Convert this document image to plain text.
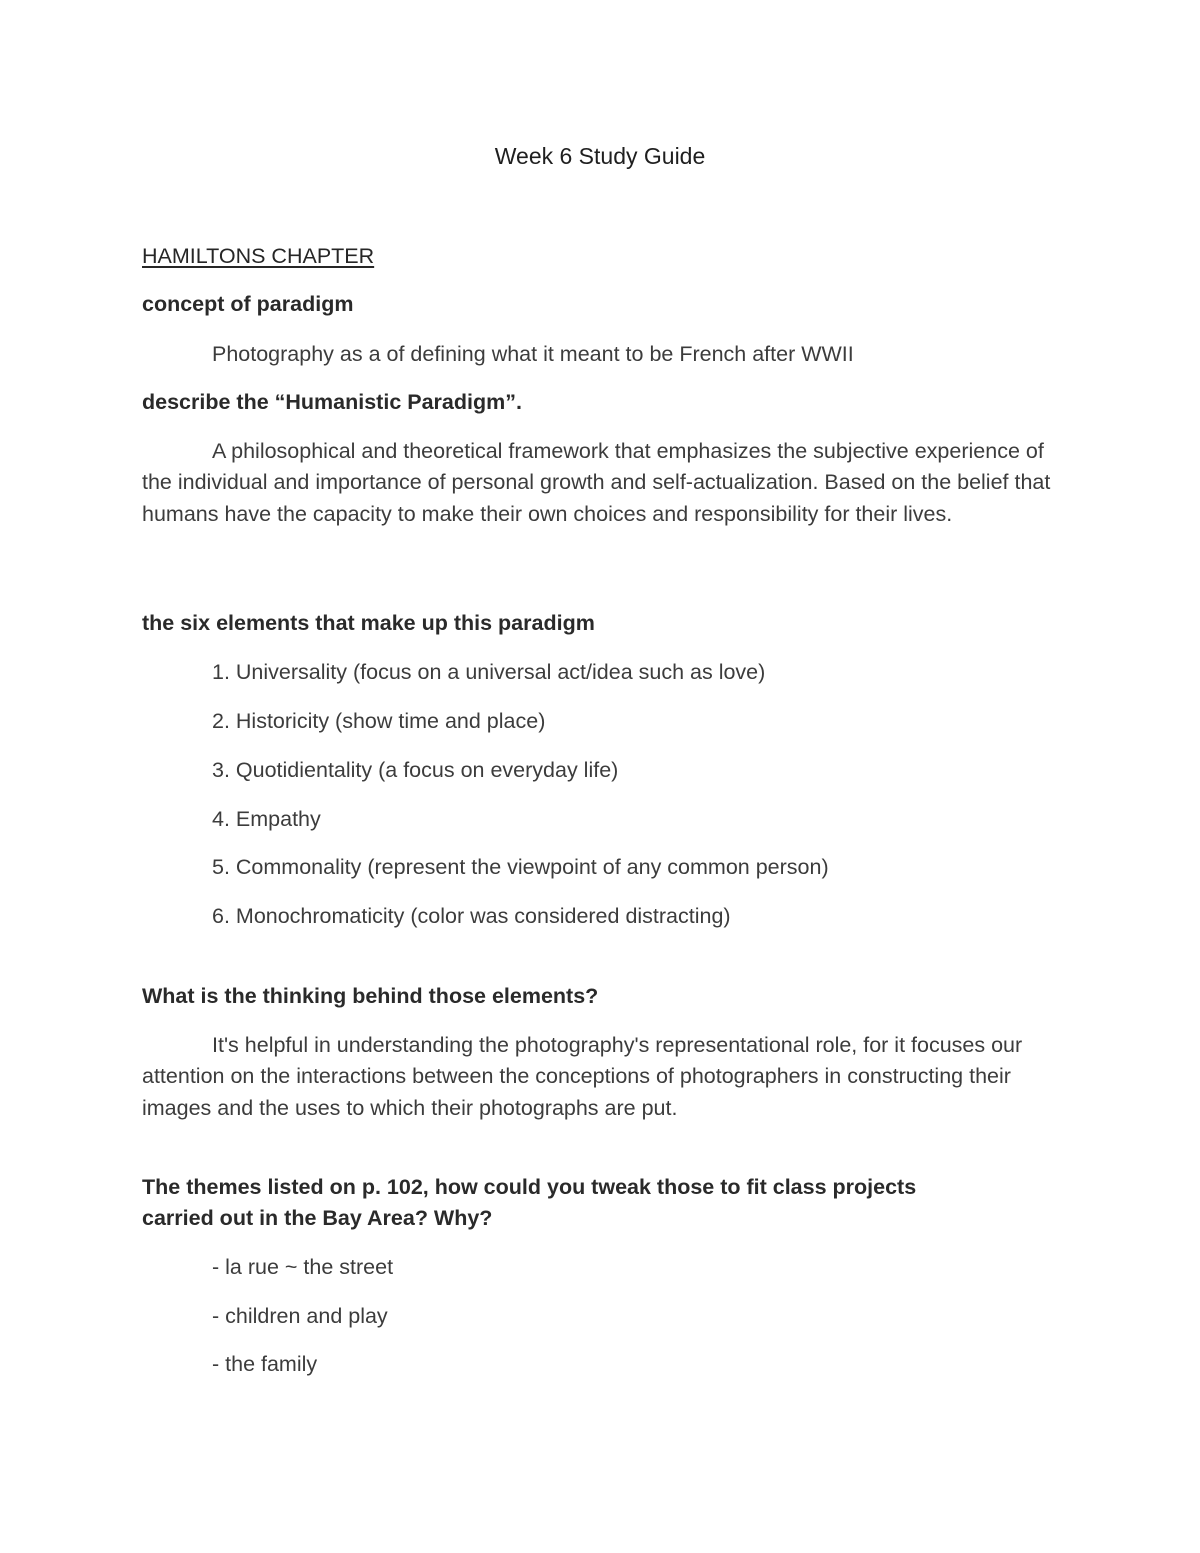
Week 6 Study Guide
HAMILTONS CHAPTER
concept of paradigm
Photography as a of defining what it meant to be French after WWII
describe the “Humanistic Paradigm”.
A philosophical and theoretical framework that emphasizes the subjective experience of the individual and importance of personal growth and self-actualization. Based on the belief that humans have the capacity to make their own choices and responsibility for their lives.
the six elements that make up this paradigm
1. Universality (focus on a universal act/idea such as love)
2. Historicity (show time and place)
3. Quotidientality (a focus on everyday life)
4. Empathy
5. Commonality (represent the viewpoint of any common person)
6. Monochromaticity (color was considered distracting)
What is the thinking behind those elements?
It's helpful in understanding the photography's representational role, for it focuses our attention on the interactions between the conceptions of photographers in constructing their images and the uses to which their photographs are put.
The themes listed on p. 102, how could you tweak those to fit class projects
carried out in the Bay Area? Why?
- la rue ~ the street
- children and play
- the family
